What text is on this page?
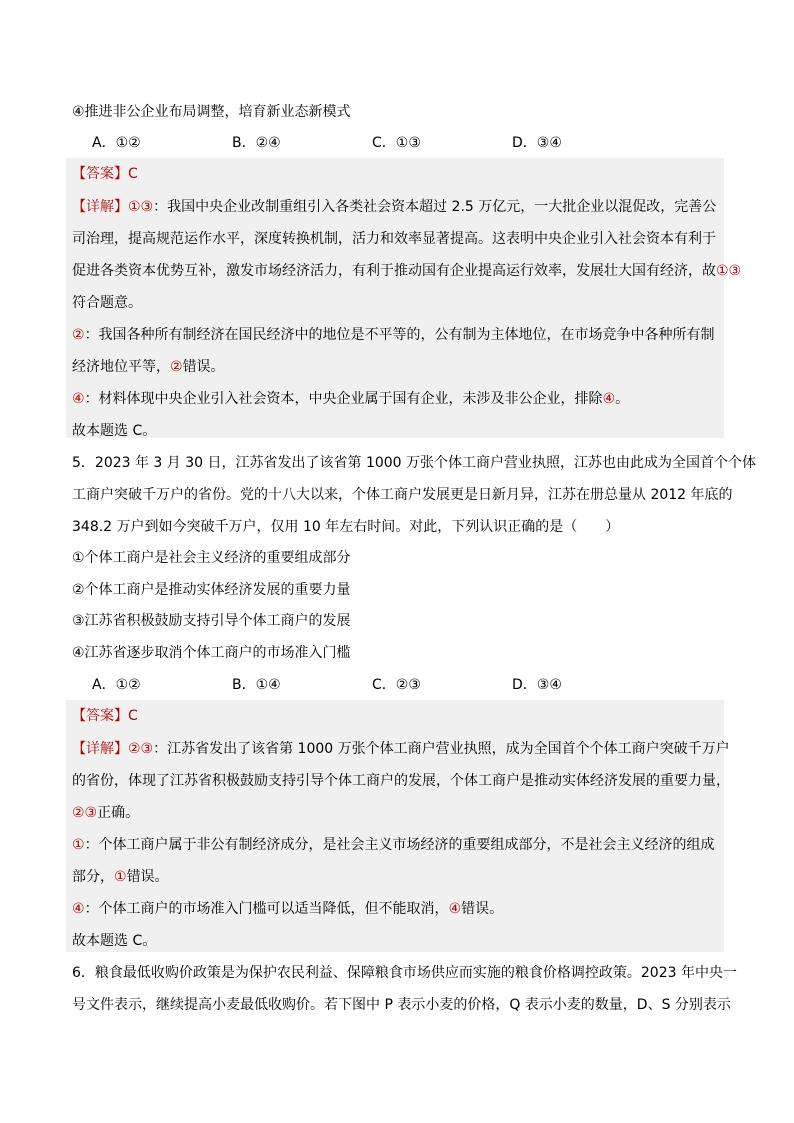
④推进非公企业布局调整，培育新业态新模式
A．①②	B．②④	C．①③	D．③④
【答案】C
【详解】①③：我国中央企业改制重组引入各类社会资本超过 2.5 万亿元，一大批企业以混促改，完善公
司治理，提高规范运作水平，深度转换机制，活力和效率显著提高。这表明中央企业引入社会资本有利于
促进各类资本优势互补，激发市场经济活力，有利于推动国有企业提高运行效率，发展壮大国有经济，故①③
符合题意。
②：我国各种所有制经济在国民经济中的地位是不平等的，公有制为主体地位，在市场竞争中各种所有制
经济地位平等，②错误。
④：材料体现中央企业引入社会资本，中央企业属于国有企业，未涉及非公企业，排除④。
故本题选 C。
5．2023 年 3 月 30 日，江苏省发出了该省第 1000 万张个体工商户营业执照，江苏也由此成为全国首个个体
工商户突破千万户的省份。党的十八大以来，个体工商户发展更是日新月异，江苏在册总量从 2012 年底的
348.2 万户到如今突破千万户，仅用 10 年左右时间。对此，下列认识正确的是（　　）
①个体工商户是社会主义经济的重要组成部分
②个体工商户是推动实体经济发展的重要力量
③江苏省积极鼓励支持引导个体工商户的发展
④江苏省逐步取消个体工商户的市场准入门槛
A．①②	B．①④	C．②③	D．③④
【答案】C
【详解】②③：江苏省发出了该省第 1000 万张个体工商户营业执照，成为全国首个个体工商户突破千万户
的省份，体现了江苏省积极鼓励支持引导个体工商户的发展，个体工商户是推动实体经济发展的重要力量，
②③正确。
①：个体工商户属于非公有制经济成分，是社会主义市场经济的重要组成部分，不是社会主义经济的组成
部分，①错误。
④：个体工商户的市场准入门槛可以适当降低，但不能取消，④错误。
故本题选 C。
6．粮食最低收购价政策是为保护农民利益、保障粮食市场供应而实施的粮食价格调控政策。2023 年中央一
号文件表示，继续提高小麦最低收购价。若下图中 P 表示小麦的价格，Q 表示小麦的数量，D、S 分别表示
